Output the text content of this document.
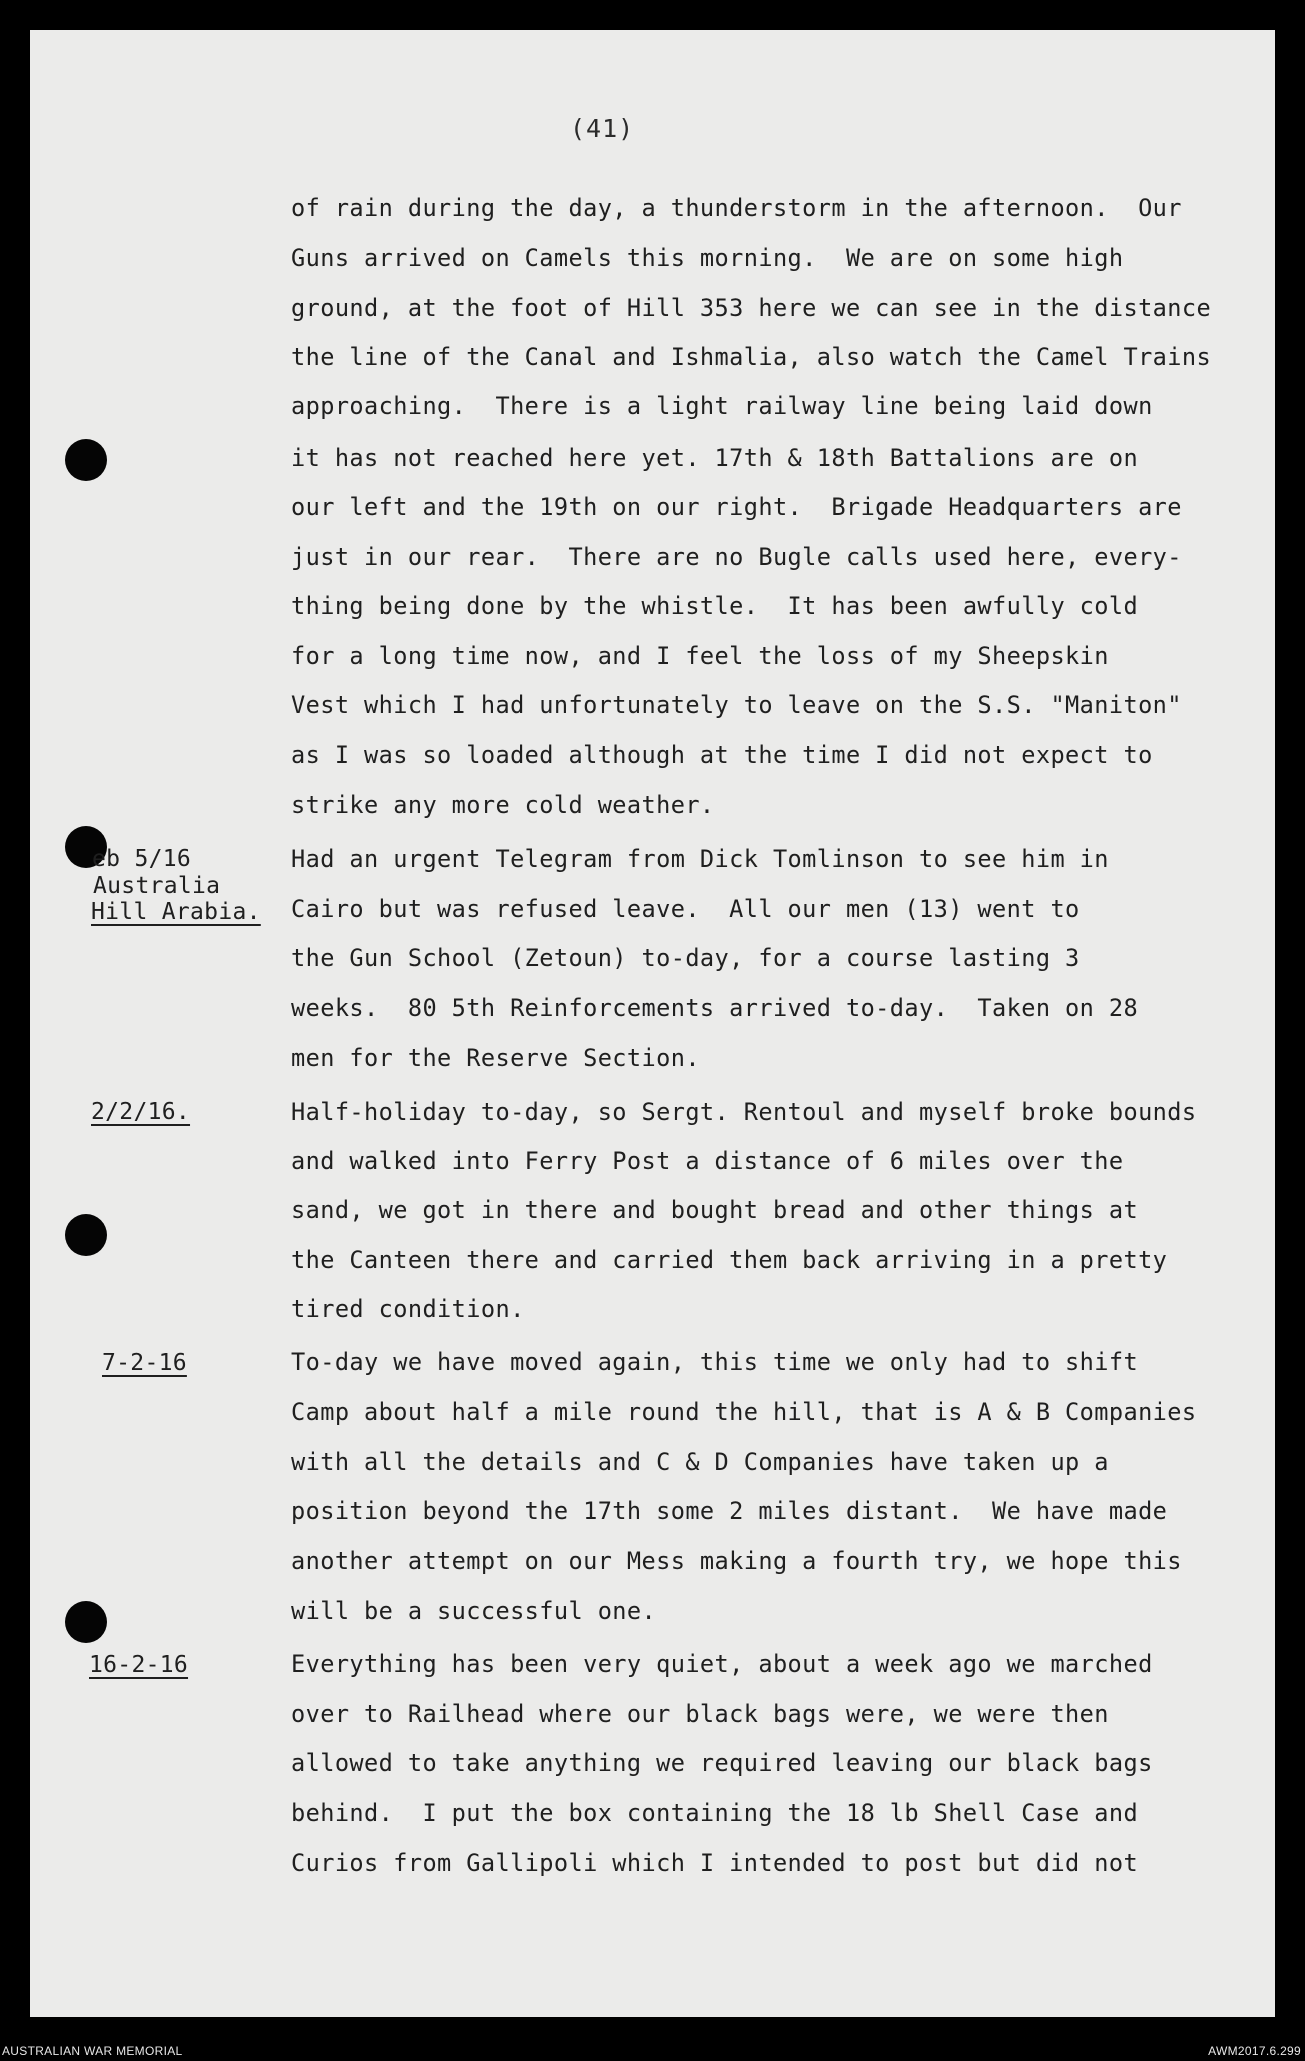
(41)
of rain during the day, a thunderstorm in the afternoon.  Our
Guns arrived on Camels this morning.  We are on some high
ground, at the foot of Hill 353 here we can see in the distance
the line of the Canal and Ishmalia, also watch the Camel Trains
approaching.  There is a light railway line being laid down
it has not reached here yet. 17th & 18th Battalions are on
our left and the 19th on our right.  Brigade Headquarters are
just in our rear.  There are no Bugle calls used here, every-
thing being done by the whistle.  It has been awfully cold
for a long time now, and I feel the loss of my Sheepskin
Vest which I had unfortunately to leave on the S.S. "Maniton"
as I was so loaded although at the time I did not expect to
strike any more cold weather.
Had an urgent Telegram from Dick Tomlinson to see him in
Cairo but was refused leave.  All our men (13) went to
the Gun School (Zetoun) to-day, for a course lasting 3
weeks.  80 5th Reinforcements arrived to-day.  Taken on 28
men for the Reserve Section.
Half-holiday to-day, so Sergt. Rentoul and myself broke bounds
and walked into Ferry Post a distance of 6 miles over the
sand, we got in there and bought bread and other things at
the Canteen there and carried them back arriving in a pretty
tired condition.
To-day we have moved again, this time we only had to shift
Camp about half a mile round the hill, that is A & B Companies
with all the details and C & D Companies have taken up a
position beyond the 17th some 2 miles distant.  We have made
another attempt on our Mess making a fourth try, we hope this
will be a successful one.
Everything has been very quiet, about a week ago we marched
over to Railhead where our black bags were, we were then
allowed to take anything we required leaving our black bags
behind.  I put the box containing the 18 lb Shell Case and
Curios from Gallipoli which I intended to post but did not
eb 5/16
Australia
Hill Arabia.
2/2/16.
7-2-16
16-2-16
AUSTRALIAN WAR MEMORIAL	AWM2017.6.299
